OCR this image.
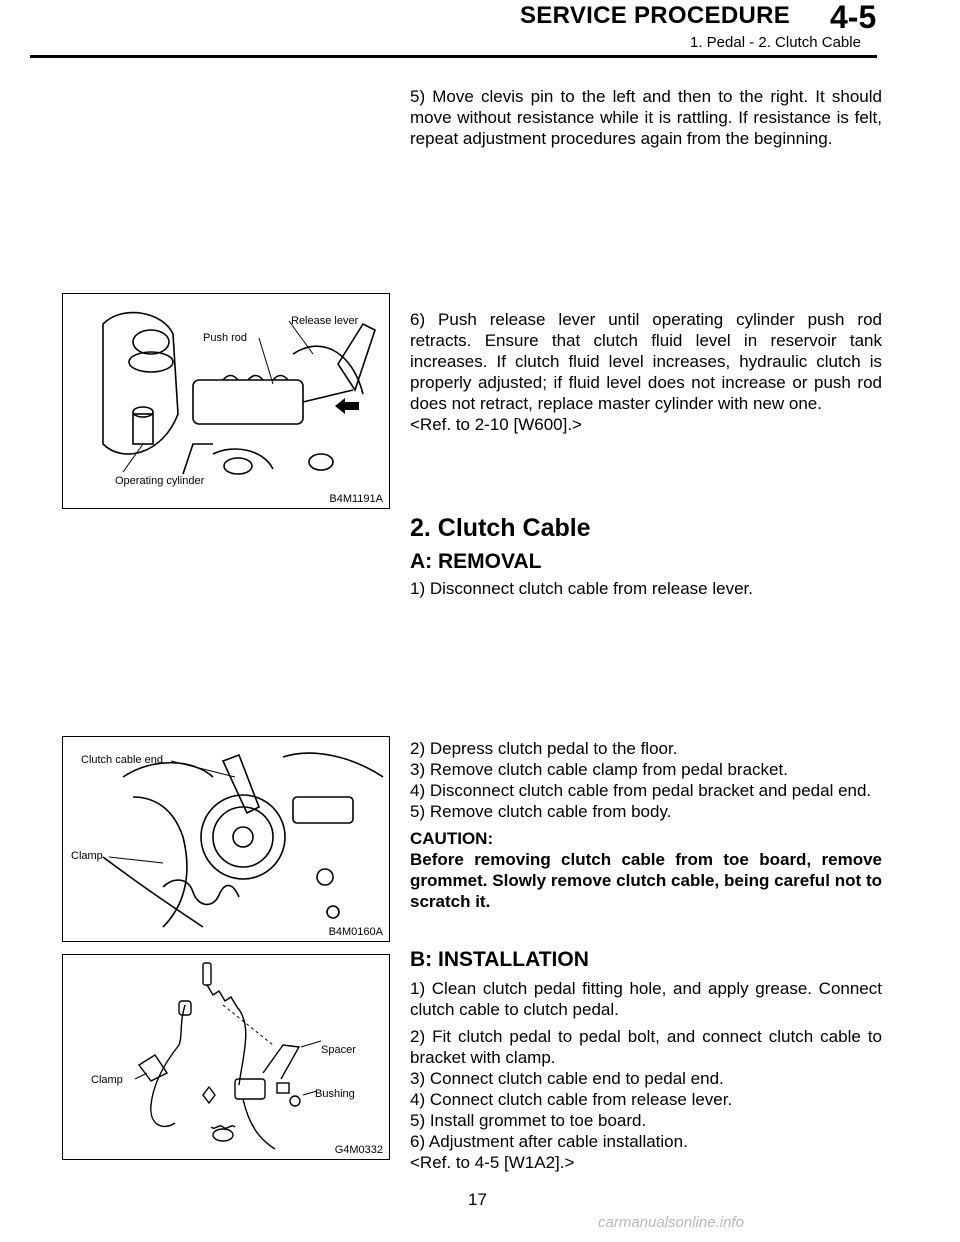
SERVICE PROCEDURE 4-5
1. Pedal - 2. Clutch Cable

5) Move clevis pin to the left and then to the right. It should move without resistance while it is rattling. If resistance is felt, repeat adjustment procedures again from the beginning.

Release lever
Push rod
Operating cylinder
B4M1191A

6) Push release lever until operating cylinder push rod retracts. Ensure that clutch fluid level in reservoir tank increases. If clutch fluid level increases, hydraulic clutch is properly adjusted; if fluid level does not increase or push rod does not retract, replace master cylinder with new one.

<Ref. to 2-10 [W600].>

2. Clutch Cable
A: REMOVAL

1) Disconnect clutch cable from release lever.

Clutch cable end
Clamp
B4M0160A

2) Depress clutch pedal to the floor.

3) Remove clutch cable clamp from pedal bracket.

4) Disconnect clutch cable from pedal bracket and pedal end.

5) Remove clutch cable from body.

CAUTION:

Before removing clutch cable from toe board, remove grommet. Slowly remove clutch cable, being careful not to scratch it.

Clamp
Spacer
Bushing
G4M0332
B: INSTALLATION

1) Clean clutch pedal fitting hole, and apply grease. Connect clutch cable to clutch pedal.

2) Fit clutch pedal to pedal bolt, and connect clutch cable to bracket with clamp.

3) Connect clutch cable end to pedal end.

4) Connect clutch cable from release lever.

5) Install grommet to toe board.

6) Adjustment after cable installation.

<Ref. to 4-5 [W1A2].>

17
carmanualsonline.info
